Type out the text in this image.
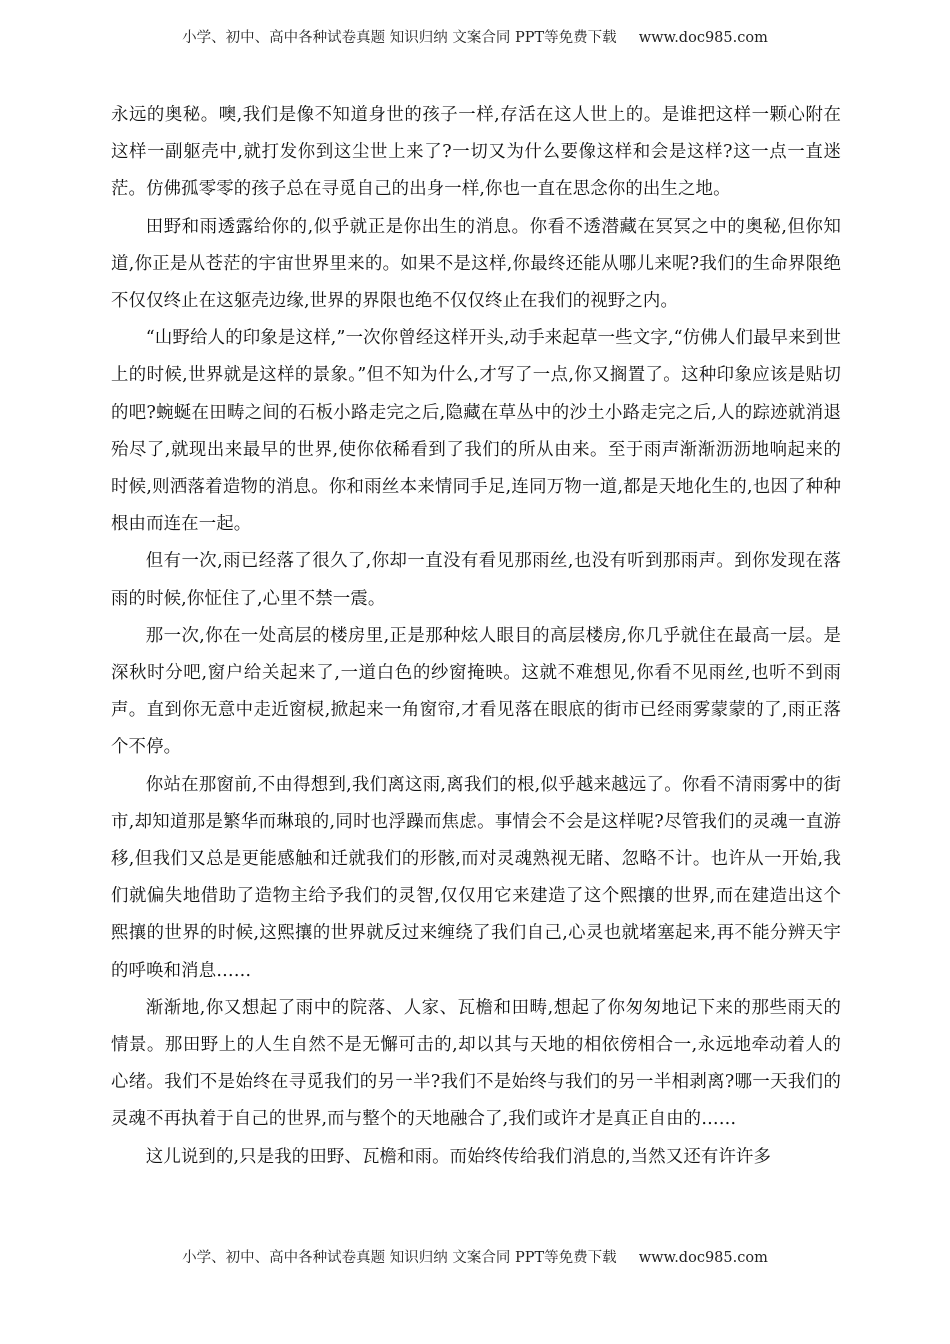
小学、初中、高中各种试卷真题 知识归纳 文案合同 PPT等免费下载 www.doc985.com

永远的奥秘。噢,我们是像不知道身世的孩子一样,存活在这人世上的。是谁把这样一颗心附在这样一副躯壳中,就打发你到这尘世上来了?一切又为什么要像这样和会是这样?这一点一直迷茫。仿佛孤零零的孩子总在寻觅自己的出身一样,你也一直在思念你的出生之地。

田野和雨透露给你的,似乎就正是你出生的消息。你看不透潜藏在冥冥之中的奥秘,但你知道,你正是从苍茫的宇宙世界里来的。如果不是这样,你最终还能从哪儿来呢?我们的生命界限绝不仅仅终止在这躯壳边缘,世界的界限也绝不仅仅终止在我们的视野之内。

“山野给人的印象是这样,”一次你曾经这样开头,动手来起草一些文字,“仿佛人们最早来到世上的时候,世界就是这样的景象。”但不知为什么,才写了一点,你又搁置了。这种印象应该是贴切的吧?蜿蜒在田畴之间的石板小路走完之后,隐藏在草丛中的沙土小路走完之后,人的踪迹就消退殆尽了,就现出来最早的世界,使你依稀看到了我们的所从由来。至于雨声渐渐沥沥地响起来的时候,则洒落着造物的消息。你和雨丝本来情同手足,连同万物一道,都是天地化生的,也因了种种根由而连在一起。

但有一次,雨已经落了很久了,你却一直没有看见那雨丝,也没有听到那雨声。到你发现在落雨的时候,你怔住了,心里不禁一震。

那一次,你在一处高层的楼房里,正是那种炫人眼目的高层楼房,你几乎就住在最高一层。是深秋时分吧,窗户给关起来了,一道白色的纱窗掩映。这就不难想见,你看不见雨丝,也听不到雨声。直到你无意中走近窗棂,掀起来一角窗帘,才看见落在眼底的街市已经雨雾蒙蒙的了,雨正落个不停。

你站在那窗前,不由得想到,我们离这雨,离我们的根,似乎越来越远了。你看不清雨雾中的街市,却知道那是繁华而琳琅的,同时也浮躁而焦虑。事情会不会是这样呢?尽管我们的灵魂一直游移,但我们又总是更能感触和迁就我们的形骸,而对灵魂熟视无睹、忽略不计。也许从一开始,我们就偏失地借助了造物主给予我们的灵智,仅仅用它来建造了这个熙攘的世界,而在建造出这个熙攘的世界的时候,这熙攘的世界就反过来缠绕了我们自己,心灵也就堵塞起来,再不能分辨天宇的呼唤和消息……

渐渐地,你又想起了雨中的院落、人家、瓦檐和田畴,想起了你匆匆地记下来的那些雨天的情景。那田野上的人生自然不是无懈可击的,却以其与天地的相依傍相合一,永远地牵动着人的心绪。我们不是始终在寻觅我们的另一半?我们不是始终与我们的另一半相剥离?哪一天我们的灵魂不再执着于自己的世界,而与整个的天地融合了,我们或许才是真正自由的……

这儿说到的,只是我的田野、瓦檐和雨。而始终传给我们消息的,当然又还有许许多

小学、初中、高中各种试卷真题 知识归纳 文案合同 PPT等免费下载 www.doc985.com
